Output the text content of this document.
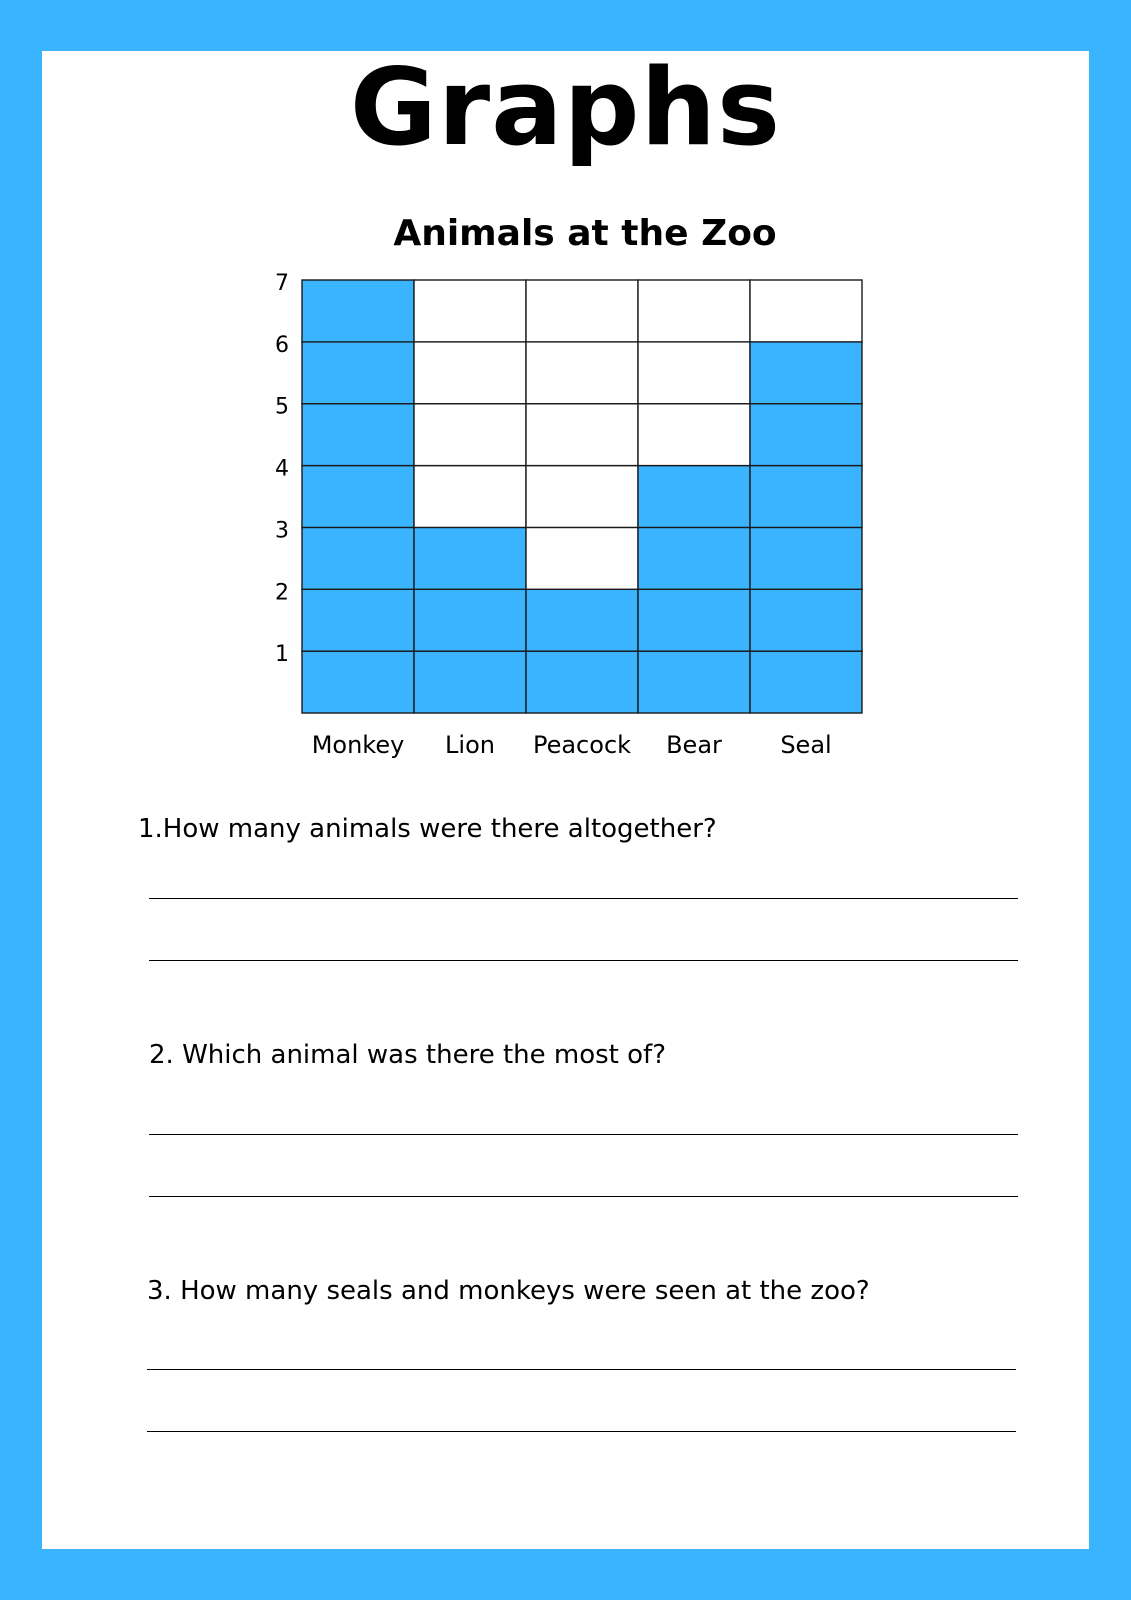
Graphs
Animals at the Zoo
1
2
3
4
5
6
7
Monkey Lion Peacock Bear Seal
1.How many animals were there altogether?
2. Which animal was there the most of?
3. How many seals and monkeys were seen at the zoo?
